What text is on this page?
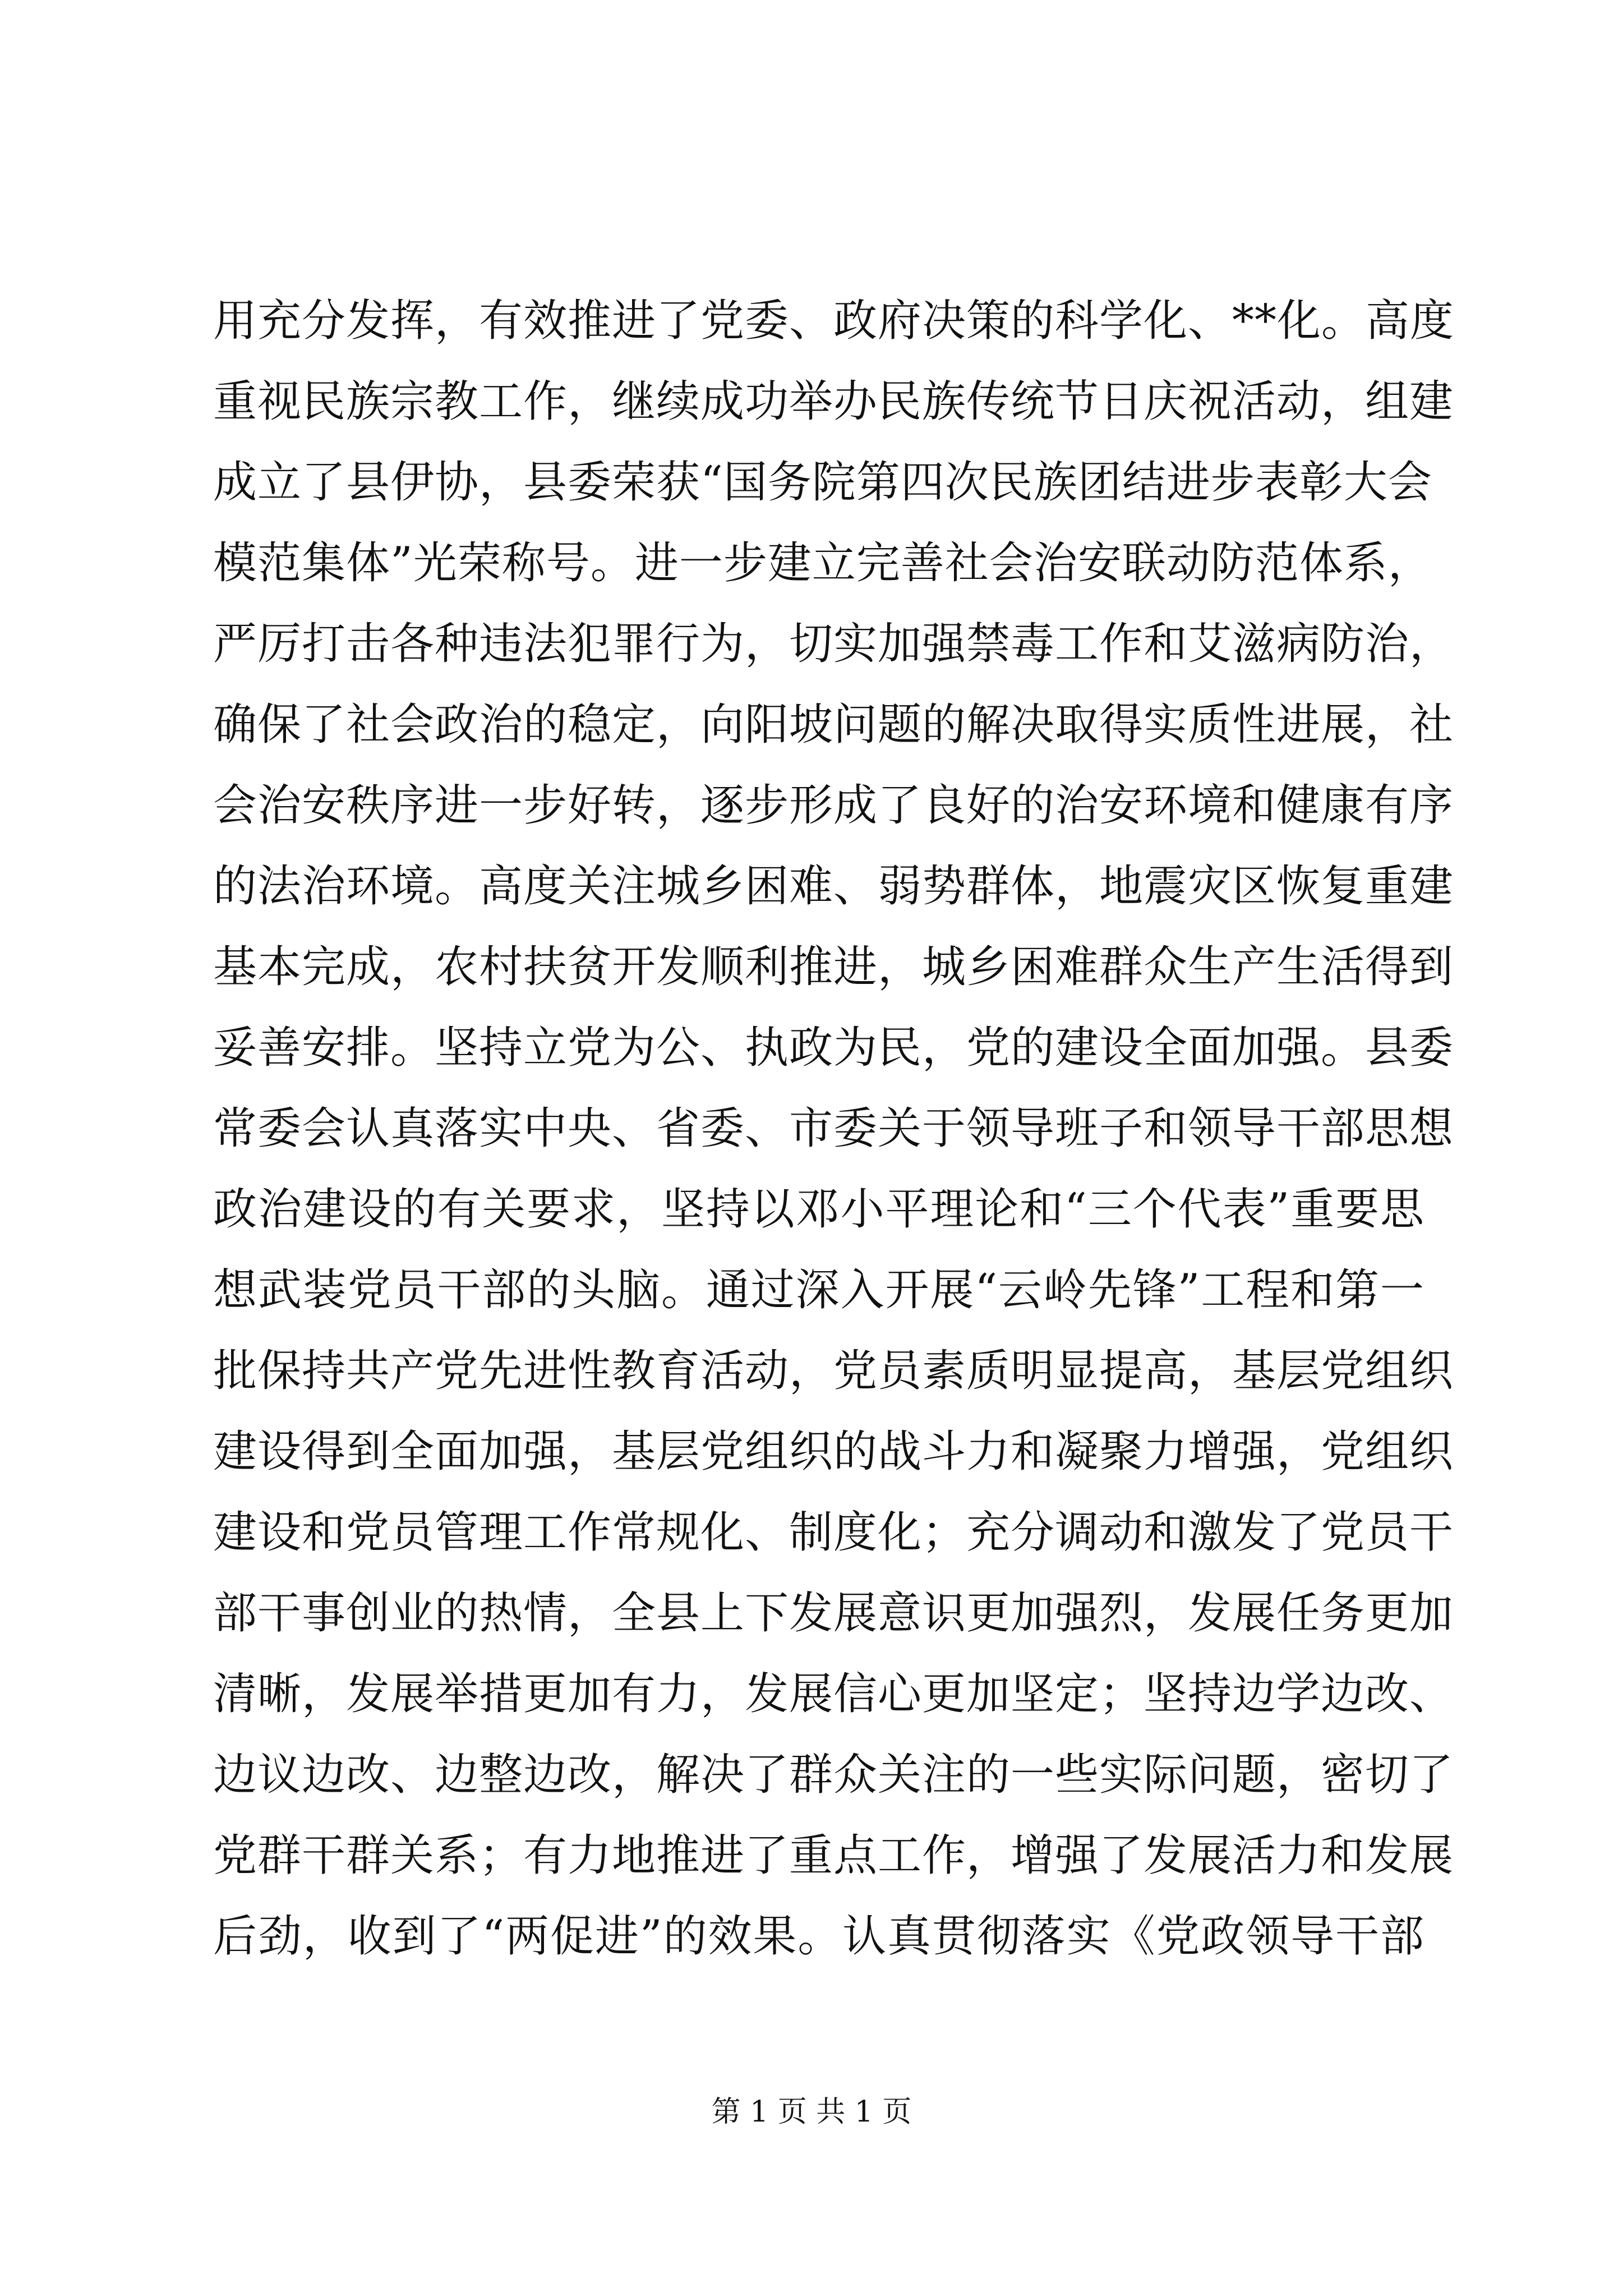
用充分发挥，有效推进了党委、政府决策的科学化、**化。高度
重视民族宗教工作，继续成功举办民族传统节日庆祝活动，组建
成立了县伊协，县委荣获“国务院第四次民族团结进步表彰大会
模范集体”光荣称号。进一步建立完善社会治安联动防范体系，
严厉打击各种违法犯罪行为，切实加强禁毒工作和艾滋病防治，
确保了社会政治的稳定，向阳坡问题的解决取得实质性进展，社
会治安秩序进一步好转，逐步形成了良好的治安环境和健康有序
的法治环境。高度关注城乡困难、弱势群体，地震灾区恢复重建
基本完成，农村扶贫开发顺利推进，城乡困难群众生产生活得到
妥善安排。坚持立党为公、执政为民，党的建设全面加强。县委
常委会认真落实中央、省委、市委关于领导班子和领导干部思想
政治建设的有关要求，坚持以邓小平理论和“三个代表”重要思
想武装党员干部的头脑。通过深入开展“云岭先锋”工程和第一
批保持共产党先进性教育活动，党员素质明显提高，基层党组织
建设得到全面加强，基层党组织的战斗力和凝聚力增强，党组织
建设和党员管理工作常规化、制度化；充分调动和激发了党员干
部干事创业的热情，全县上下发展意识更加强烈，发展任务更加
清晰，发展举措更加有力，发展信心更加坚定；坚持边学边改、
边议边改、边整边改，解决了群众关注的一些实际问题，密切了
党群干群关系；有力地推进了重点工作，增强了发展活力和发展
后劲，收到了“两促进”的效果。认真贯彻落实《党政领导干部
第 1 页 共 1 页
